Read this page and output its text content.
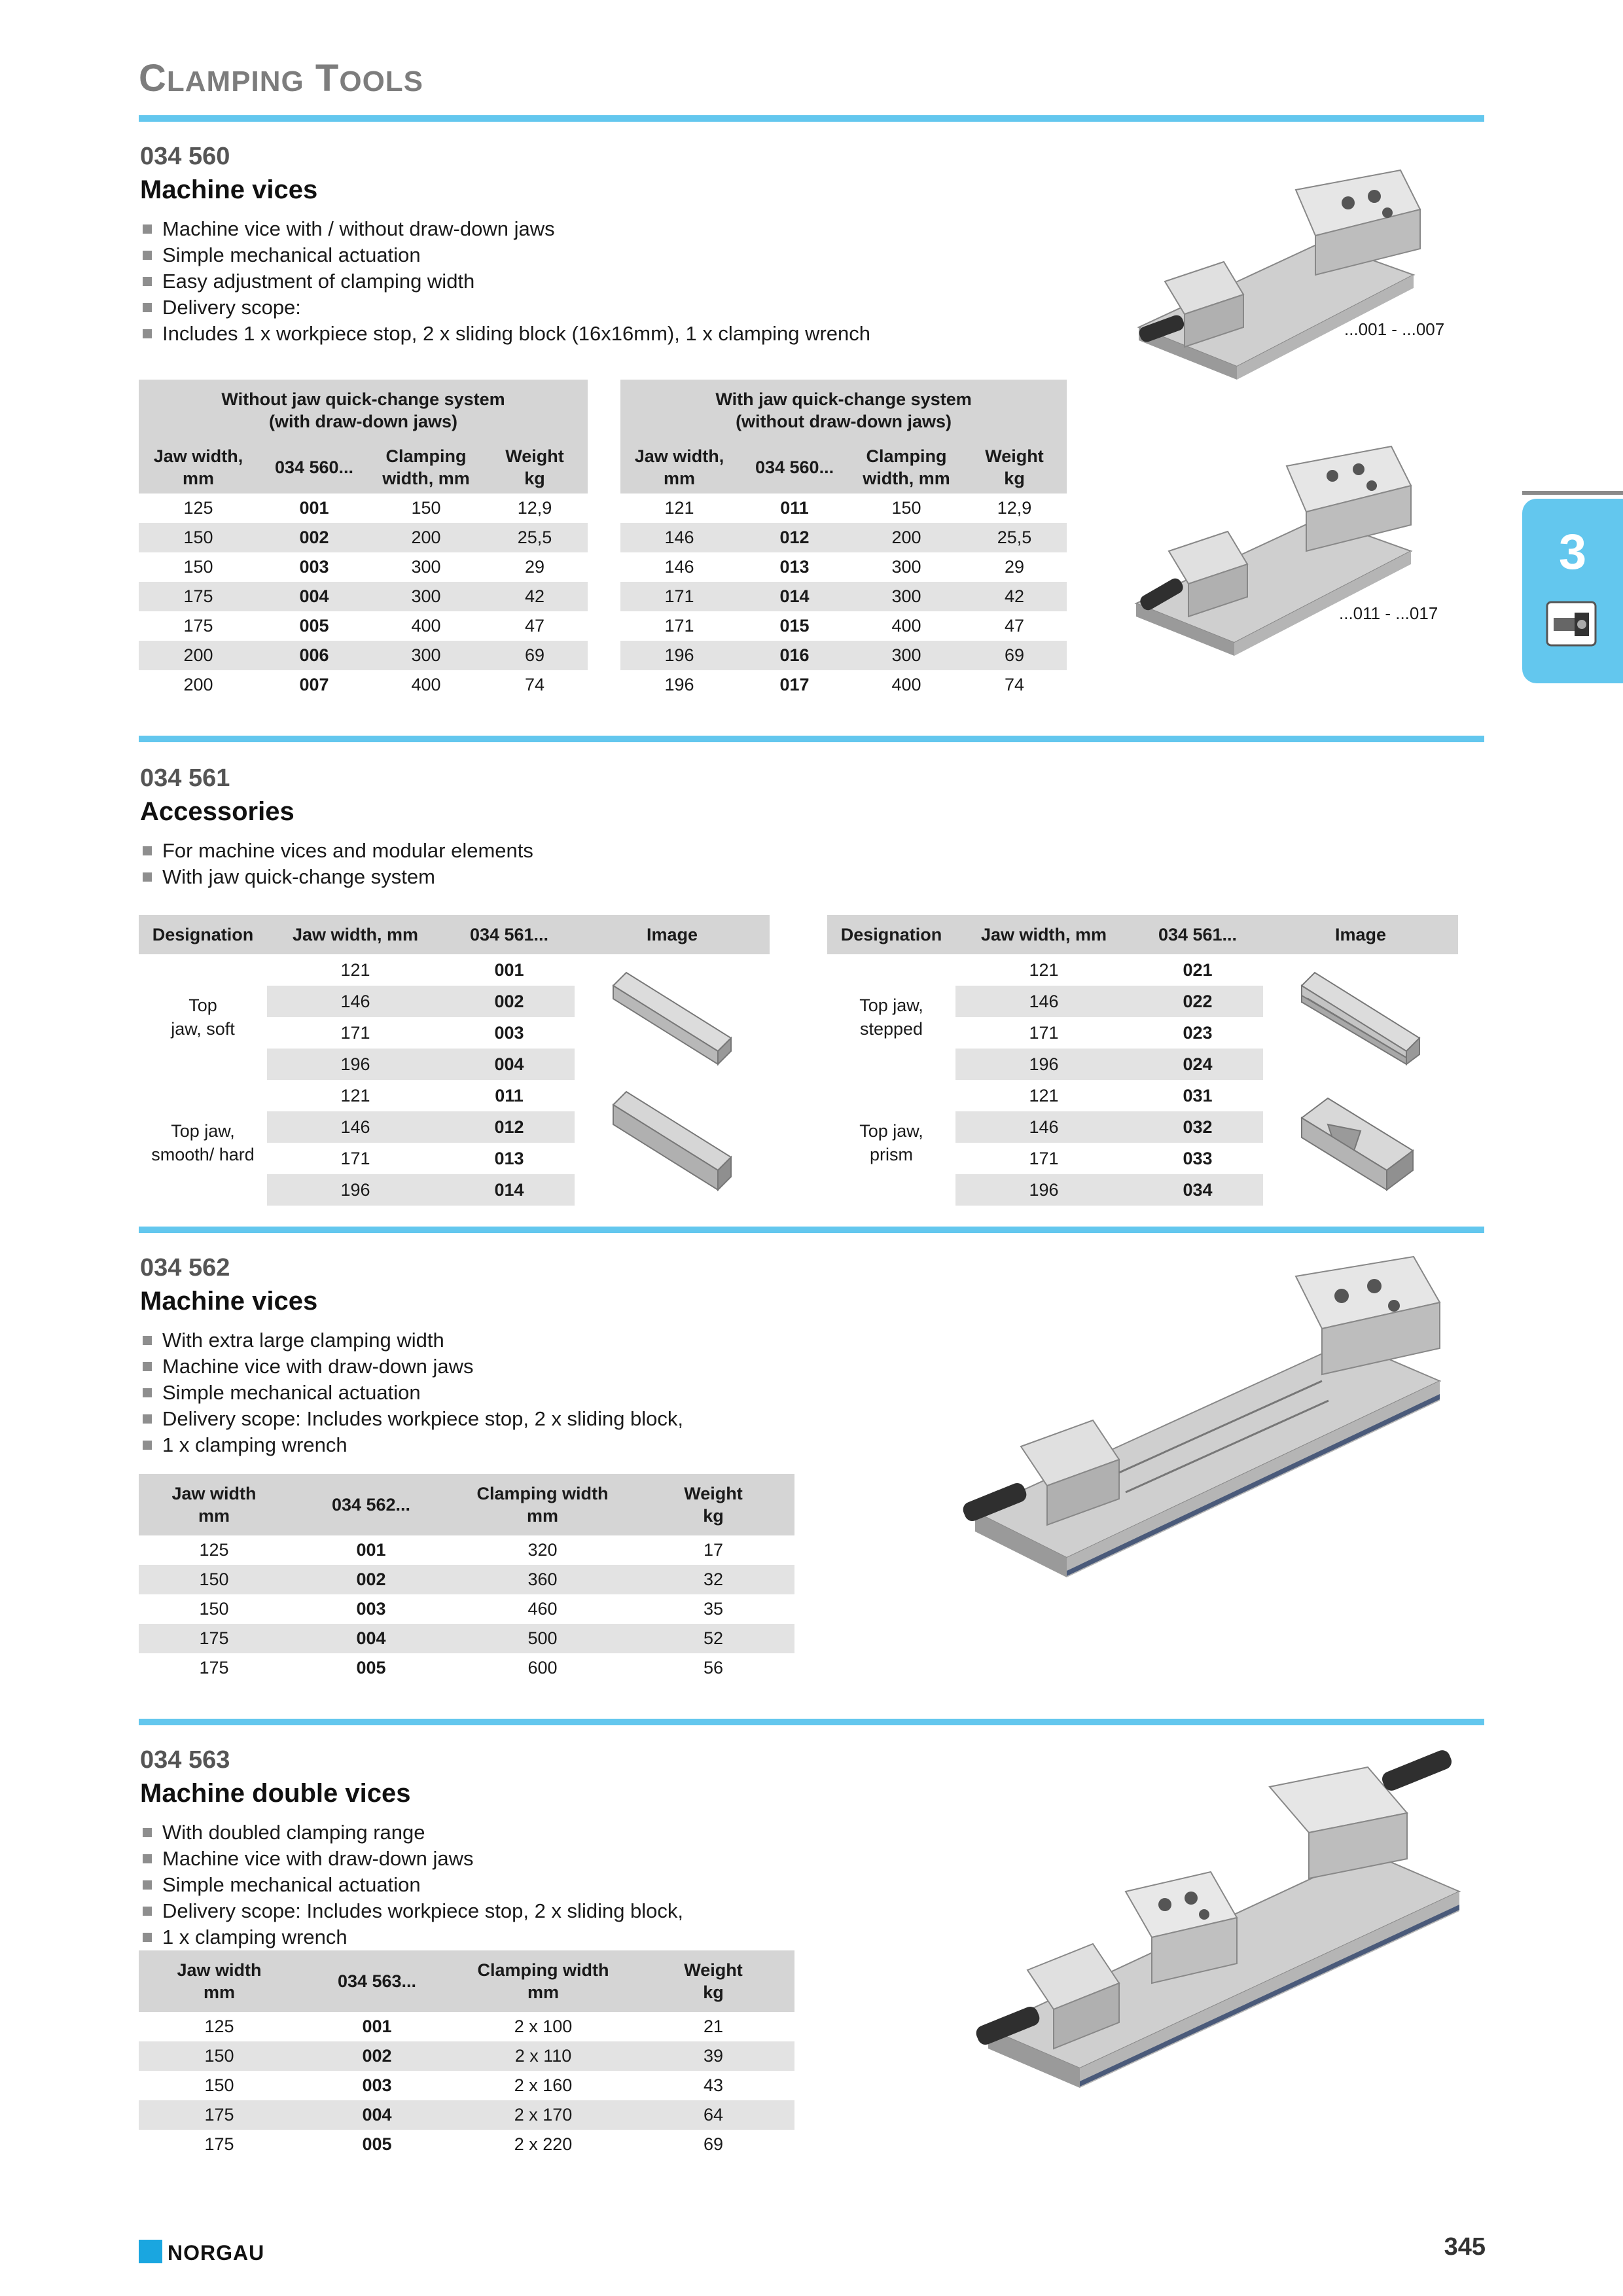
CLAMPING TOOLS
3
034 560
Machine vices
Machine vice with / without draw-down jaws
Simple mechanical actuation
Easy adjustment of clamping width
Delivery scope:
Includes 1 x workpiece stop, 2 x sliding block (16x16mm), 1 x clamping wrench	...001 - ...007
...011 - ...017
Without jaw quick-change system
(with draw-down jaws)					With jaw quick-change system
(without draw-down jaws)			
Jaw width,
mm	034 560...	Clamping
width, mm	Weight
kg		Jaw width,
mm	034 560...	Clamping
width, mm	Weight
kg
125	001	150	12,9		121	011	150	12,9
150	002	200	25,5		146	012	200	25,5
150	003	300	29		146	013	300	29
175	004	300	42		171	014	300	42
175	005	400	47		171	015	400	47
200	006	300	69		196	016	300	69
200	007	400	74		196	017	400	74
034 561
Accessories
For machine vices and modular elements
With jaw quick-change system
Designation	Jaw width, mm	034 561...	Image
Top
jaw, soft	121	001	
	146	002	
	171	003	
	196	004	
Top jaw,
smooth/ hard	121	011	
	146	012	
	171	013	
	196	014	
Designation	Jaw width, mm	034 561...	Image
Top jaw,
stepped	121	021	
	146	022	
	171	023	
	196	024	
Top jaw,
prism	121	031	
	146	032	
	171	033	
	196	034	
034 562
Machine vices
With extra large clamping width
Machine vice with draw-down jaws
Simple mechanical actuation
Delivery scope: Includes workpiece stop, 2 x sliding block,
1 x clamping wrench
Jaw width
mm	034 562...	Clamping width
mm	Weight
kg
125	001	320	17
150	002	360	32
150	003	460	35
175	004	500	52
175	005	600	56
034 563
Machine double vices
With doubled clamping range
Machine vice with draw-down jaws
Simple mechanical actuation
Delivery scope: Includes workpiece stop, 2 x sliding block,
1 x clamping wrench
Jaw width
mm	034 563...	Clamping width
mm	Weight
kg
125	001	2 x 100	21
150	002	2 x 110	39
150	003	2 x 160	43
175	004	2 x 170	64
175	005	2 x 220	69
NORGAU	345
